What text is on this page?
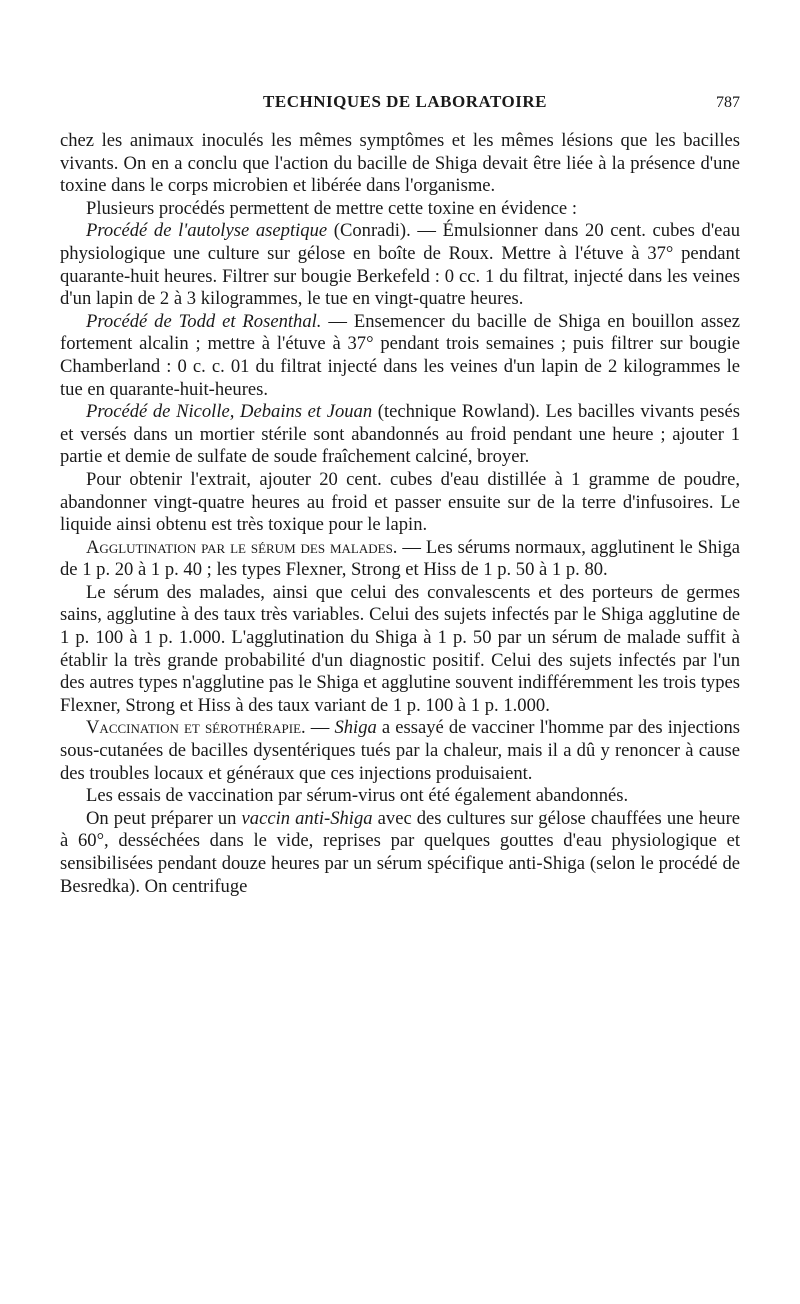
TECHNIQUES DE LABORATOIRE	787

chez les animaux inoculés les mêmes symptômes et les mêmes lésions que les bacilles vivants. On en a conclu que l'action du bacille de Shiga devait être liée à la présence d'une toxine dans le corps microbien et libérée dans l'organisme.

Plusieurs procédés permettent de mettre cette toxine en évidence :

Procédé de l'autolyse aseptique (Conradi). — Émulsionner dans 20 cent. cubes d'eau physiologique une culture sur gélose en boîte de Roux. Mettre à l'étuve à 37° pendant quarante-huit heures. Filtrer sur bougie Berkefeld : 0 cc. 1 du filtrat, injecté dans les veines d'un lapin de 2 à 3 kilogrammes, le tue en vingt-quatre heures.

Procédé de Todd et Rosenthal. — Ensemencer du bacille de Shiga en bouillon assez fortement alcalin ; mettre à l'étuve à 37° pendant trois semaines ; puis filtrer sur bougie Chamberland : 0 c. c. 01 du filtrat injecté dans les veines d'un lapin de 2 kilogrammes le tue en quarante-huit-heures.

Procédé de Nicolle, Debains et Jouan (technique Rowland). Les bacilles vivants pesés et versés dans un mortier stérile sont abandonnés au froid pendant une heure ; ajouter 1 partie et demie de sulfate de soude fraîchement calciné, broyer.

Pour obtenir l'extrait, ajouter 20 cent. cubes d'eau distillée à 1 gramme de poudre, abandonner vingt-quatre heures au froid et passer ensuite sur de la terre d'infusoires. Le liquide ainsi obtenu est très toxique pour le lapin.

Agglutination par le sérum des malades. — Les sérums normaux, agglutinent le Shiga de 1 p. 20 à 1 p. 40 ; les types Flexner, Strong et Hiss de 1 p. 50 à 1 p. 80.

Le sérum des malades, ainsi que celui des convalescents et des porteurs de germes sains, agglutine à des taux très variables. Celui des sujets infectés par le Shiga agglutine de 1 p. 100 à 1 p. 1.000. L'agglutination du Shiga à 1 p. 50 par un sérum de malade suffit à établir la très grande probabilité d'un diagnostic positif. Celui des sujets infectés par l'un des autres types n'agglutine pas le Shiga et agglutine souvent indifféremment les trois types Flexner, Strong et Hiss à des taux variant de 1 p. 100 à 1 p. 1.000.

Vaccination et sérothérapie. — Shiga a essayé de vacciner l'homme par des injections sous-cutanées de bacilles dysentériques tués par la chaleur, mais il a dû y renoncer à cause des troubles locaux et généraux que ces injections produisaient.

Les essais de vaccination par sérum-virus ont été également abandonnés.

On peut préparer un vaccin anti-Shiga avec des cultures sur gélose chauffées une heure à 60°, desséchées dans le vide, reprises par quelques gouttes d'eau physiologique et sensibilisées pendant douze heures par un sérum spécifique anti-Shiga (selon le procédé de Besredka). On centrifuge
